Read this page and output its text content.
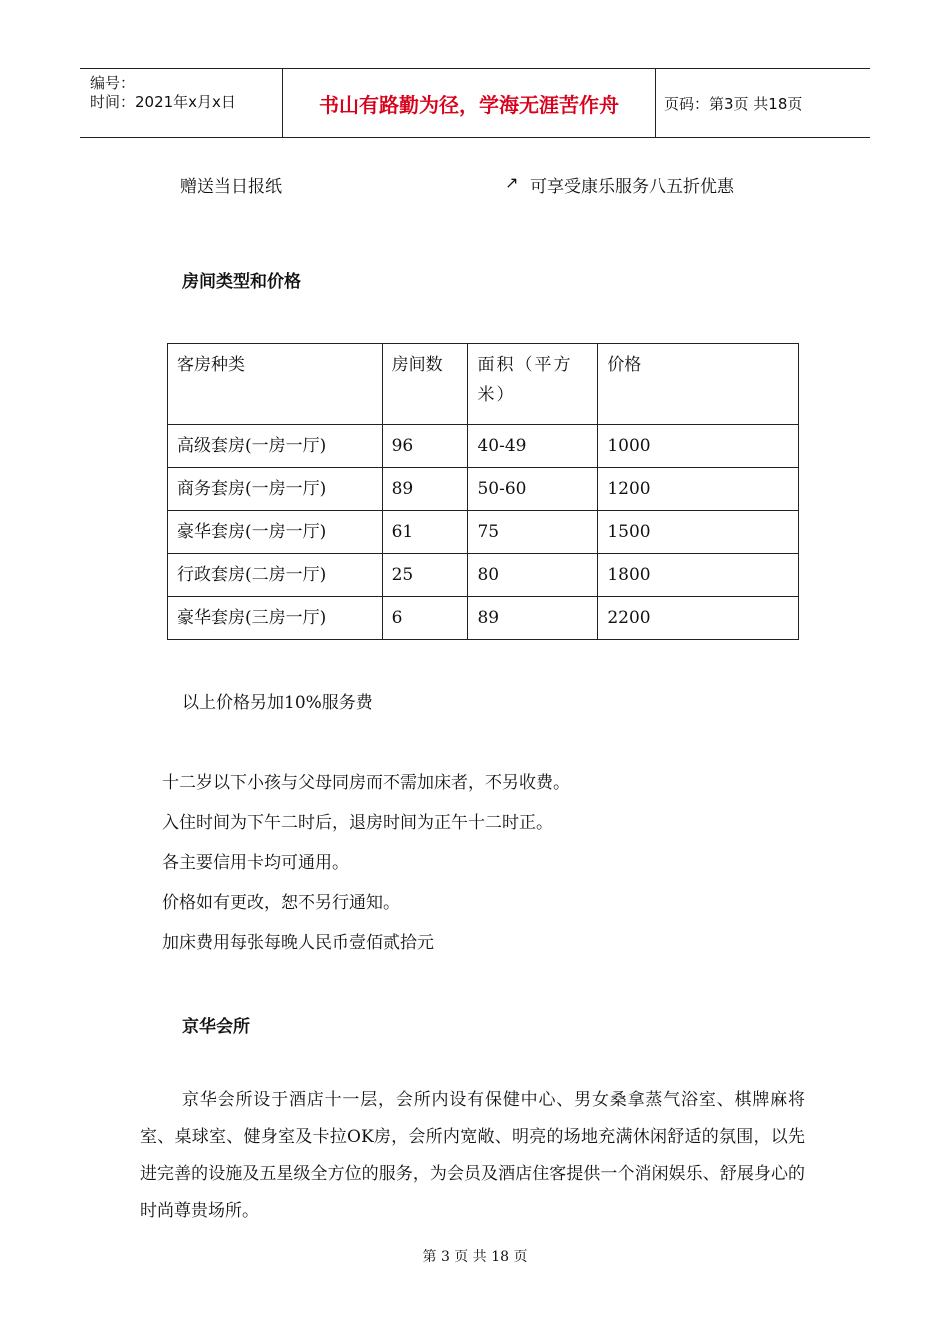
编号：
时间：2021年x月x日	书山有路勤为径，学海无涯苦作舟	页码：第3页 共18页
赠送当日报纸	↗ 可享受康乐服务八五折优惠
房间类型和价格
客房种类	房间数	面积（平方米）	价格
高级套房(一房一厅)	96	40-49	1000
商务套房(一房一厅)	89	50-60	1200
豪华套房(一房一厅)	61	75	1500
行政套房(二房一厅)	25	80	1800
豪华套房(三房一厅)	6	89	2200
以上价格另加10%服务费
十二岁以下小孩与父母同房而不需加床者，不另收费。
入住时间为下午二时后，退房时间为正午十二时正。
各主要信用卡均可通用。
价格如有更改，恕不另行通知。
加床费用每张每晚人民币壹佰贰拾元
京华会所
京华会所设于酒店十一层，会所内设有保健中心、男女桑拿蒸气浴室、棋牌麻将室、桌球室、健身室及卡拉OK房，会所内宽敞、明亮的场地充满休闲舒适的氛围，以先进完善的设施及五星级全方位的服务，为会员及酒店住客提供一个消闲娱乐、舒展身心的时尚尊贵场所。
第 3 页 共 18 页
